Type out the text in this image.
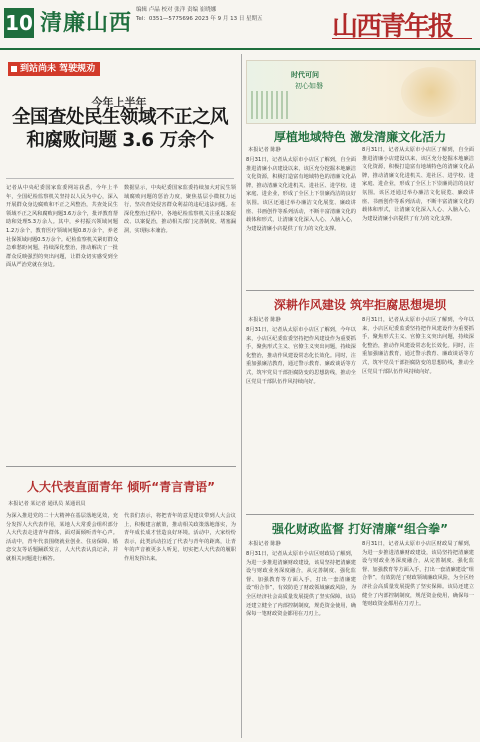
10 清廉山西 编辑 卢晶 校对 张洋 责编 崔晓娜
Tel：0351—5775696 2023 年 9 月 13 日 星期五	山西青年报
到站尚未 驾驶规劝
今年上半年
全国查处民生领域不正之风和腐败问题 3.6 万余个

记者从中央纪委国家监委网站获悉，今年上半年，全国纪检监察机关坚持以人民为中心，深入开展群众身边腐败和不正之风整治，共查处民生领域不正之风和腐败问题3.6万余个，批评教育帮助和处理5.3万余人。其中，乡村振兴领域问题1.2万余个，教育医疗领域问题0.8万余个，养老社保领域问题0.5万余个。纪检监察机关紧盯群众急难愁盼问题，持续深化整治，推动解决了一批群众反映强烈的突出问题，让群众切实感受到全面从严治党就在身边。

数据显示，中央纪委国家监委持续加大对民生领域腐败问题的惩治力度，聚焦基层小微权力运行，坚决查处侵害群众利益的违纪违法问题。在深化整治过程中，各地纪检监察机关注重以案促改、以案促治，推动相关部门完善制度、堵塞漏洞，实现标本兼治。

人大代表直面青年 倾听“青言青语”
本报记者 某记者 通讯员 某通讯员

为深入推进党的二十大精神在基层落地见效，充分发挥人大代表作用，某地人大常委会组织部分人大代表走进青年群体，面对面倾听青年心声。活动中，青年代表围绕就业创业、住房保障、婚恋交友等话题踊跃发言，人大代表认真记录，并就相关问题进行解答。

代表们表示，将把青年的意见建议带到人大会议上，积极建言献策，推动相关政策落地落实，为青年成长成才营造良好环境。活动中，大家纷纷表示，此类活动拉近了代表与青年的距离，让青年的声音被更多人听见，切实把人大代表的履职作用发挥出来。

时代可问
初心如磐
厚植地域特色 激发清廉文化活力
本报记者 陈静

8月31日，记者从太原市小店区了解到，自全面推进清廉小店建设以来，该区充分挖掘本地廉洁文化资源，积极打造富有地域特色的清廉文化品牌，推动清廉文化进机关、进社区、进学校、进家庭、进企业，形成了全区上下崇廉尚洁的良好氛围。该区还通过举办廉洁文化展览、廉政讲座、书画创作等系列活动，不断丰富清廉文化的载体和形式，让清廉文化深入人心、入脑入心，为建设清廉小店提供了有力的文化支撑。

8月31日，记者从太原市小店区了解到，自全面推进清廉小店建设以来，该区充分挖掘本地廉洁文化资源，积极打造富有地域特色的清廉文化品牌，推动清廉文化进机关、进社区、进学校、进家庭、进企业，形成了全区上下崇廉尚洁的良好氛围。该区还通过举办廉洁文化展览、廉政讲座、书画创作等系列活动，不断丰富清廉文化的载体和形式，让清廉文化深入人心、入脑入心，为建设清廉小店提供了有力的文化支撑。

深耕作风建设 筑牢拒腐思想堤坝
本报记者 陈静

8月31日，记者从太原市小店区了解到，今年以来，小店区纪委监委坚持把作风建设作为重要抓手，聚焦形式主义、官僚主义突出问题，持续深化整治，推动作风建设常态化长效化。同时，注重加强廉洁教育，通过警示教育、廉政谈话等方式，筑牢党员干部拒腐防变的思想防线，推动全区党员干部队伍作风持续向好。

8月31日，记者从太原市小店区了解到，今年以来，小店区纪委监委坚持把作风建设作为重要抓手，聚焦形式主义、官僚主义突出问题，持续深化整治，推动作风建设常态化长效化。同时，注重加强廉洁教育，通过警示教育、廉政谈话等方式，筑牢党员干部拒腐防变的思想防线，推动全区党员干部队伍作风持续向好。

强化财政监督 打好清廉“组合拳”
本报记者 陈静

8月31日，记者从太原市小店区财政局了解到，为进一步推进清廉财政建设，该局坚持把清廉建设与财政业务深度融合，从完善制度、强化监督、加强教育等方面入手，打出一套清廉建设“组合拳”，有效防范了财政领域廉政风险，为全区经济社会高质量发展提供了坚实保障。该局还建立健全了内部控制制度，规范资金使用，确保每一笔财政资金都用在刀刃上。

8月31日，记者从太原市小店区财政局了解到，为进一步推进清廉财政建设，该局坚持把清廉建设与财政业务深度融合，从完善制度、强化监督、加强教育等方面入手，打出一套清廉建设“组合拳”，有效防范了财政领域廉政风险，为全区经济社会高质量发展提供了坚实保障。该局还建立健全了内部控制制度，规范资金使用，确保每一笔财政资金都用在刀刃上。
